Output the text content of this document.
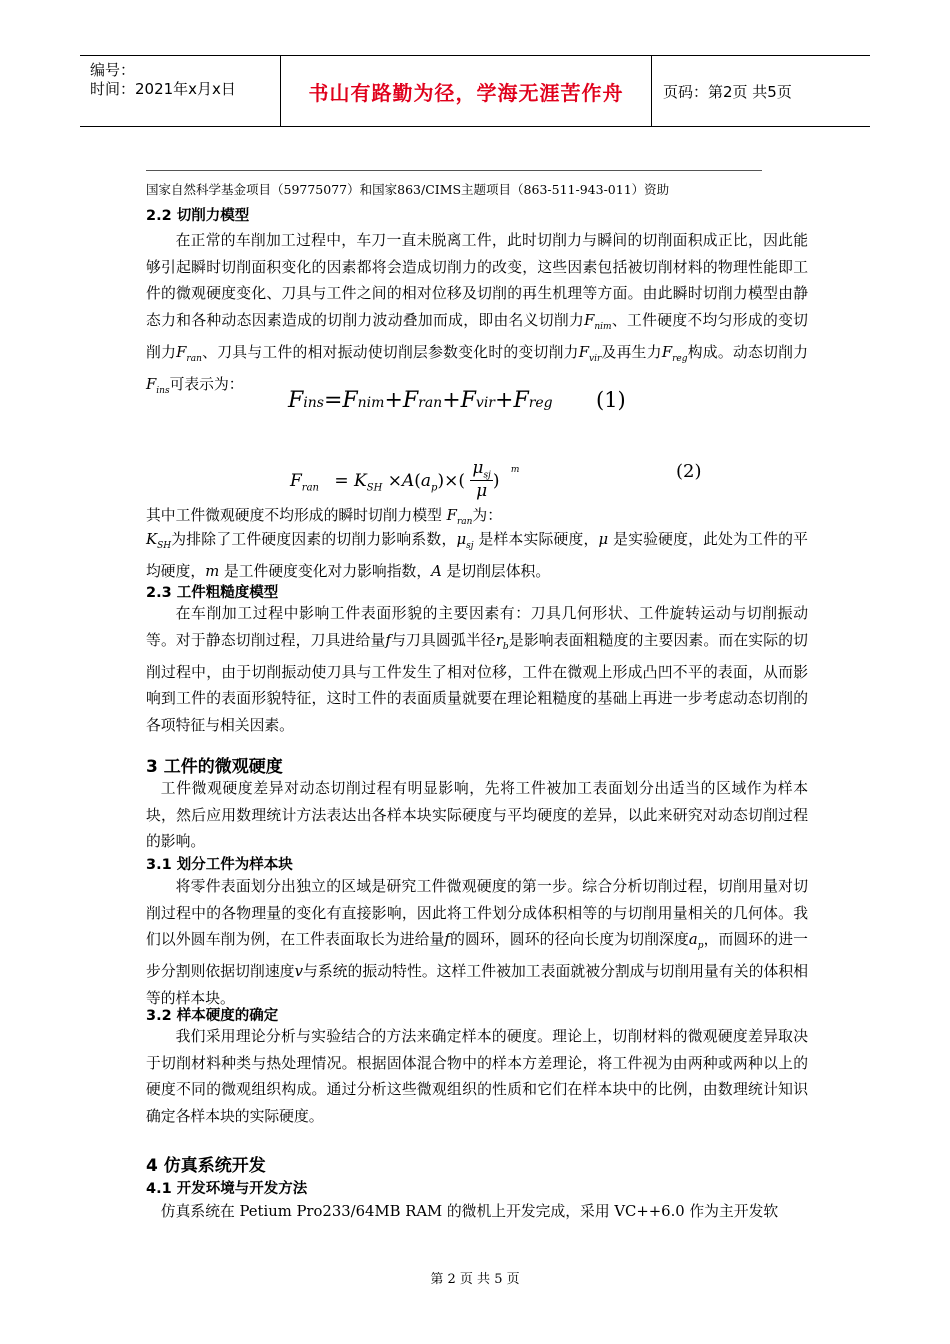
编号：
时间：2021年x月x日	书山有路勤为径，学海无涯苦作舟	页码：第2页 共5页
国家自然科学基金项目（59775077）和国家863/CIMS主题项目（863-511-943-011）资助
2.2 切削力模型
在正常的车削加工过程中，车刀一直未脱离工件，此时切削力与瞬间的切削面积成正比，因此能够引起瞬时切削面积变化的因素都将会造成切削力的改变，这些因素包括被切削材料的物理性能即工件的微观硬度变化、刀具与工件之间的相对位移及切削的再生机理等方面。由此瞬时切削力模型由静态力和各种动态因素造成的切削力波动叠加而成，即由名义切削力$F_{nim}$、工件硬度不均匀形成的变切削力$F_{ran}$、刀具与工件的相对振动使切削层参数变化时的变切削力$F_{vir}$及再生力$F_{reg}$构成。动态切削力$F_{ins}$可表示为：
Fins=Fnim+Fran+Fvir+Freg (1)
$F_{ran} = K_{SH} \times A(a_p)\times$(
$\mu_{sj}$
μ
) $^m$	(2)
其中工件微观硬度不均形成的瞬时切削力模型 $F_{ran}$为：
$K_{SH}$为排除了工件硬度因素的切削力影响系数，$\mu_{sj}$ 是样本实际硬度，μ 是实验硬度，此处为工件的平均硬度，m 是工件硬度变化对力影响指数，A 是切削层体积。
2.3 工件粗糙度模型
在车削加工过程中影响工件表面形貌的主要因素有：刀具几何形状、工件旋转运动与切削振动等。对于静态切削过程，刀具进给量f与刀具圆弧半径$r_b$是影响表面粗糙度的主要因素。而在实际的切削过程中，由于切削振动使刀具与工件发生了相对位移，工件在微观上形成凸凹不平的表面，从而影响到工件的表面形貌特征，这时工件的表面质量就要在理论粗糙度的基础上再进一步考虑动态切削的各项特征与相关因素。
3 工件的微观硬度
工件微观硬度差异对动态切削过程有明显影响，先将工件被加工表面划分出适当的区域作为样本块，然后应用数理统计方法表达出各样本块实际硬度与平均硬度的差异，以此来研究对动态切削过程的影响。
3.1 划分工件为样本块
将零件表面划分出独立的区域是研究工件微观硬度的第一步。综合分析切削过程，切削用量对切削过程中的各物理量的变化有直接影响，因此将工件划分成体积相等的与切削用量相关的几何体。我们以外圆车削为例，在工件表面取长为进给量f的圆环，圆环的径向长度为切削深度$a_p$，而圆环的进一步分割则依据切削速度v与系统的振动特性。这样工件被加工表面就被分割成与切削用量有关的体积相等的样本块。
3.2 样本硬度的确定
我们采用理论分析与实验结合的方法来确定样本的硬度。理论上，切削材料的微观硬度差异取决于切削材料种类与热处理情况。根据固体混合物中的样本方差理论，将工件视为由两种或两种以上的硬度不同的微观组织构成。通过分析这些微观组织的性质和它们在样本块中的比例，由数理统计知识确定各样本块的实际硬度。
4 仿真系统开发
4.1 开发环境与开发方法
仿真系统在 Petium Pro233/64MB RAM 的微机上开发完成，采用 VC++6.0 作为主开发软
第 2 页 共 5 页
